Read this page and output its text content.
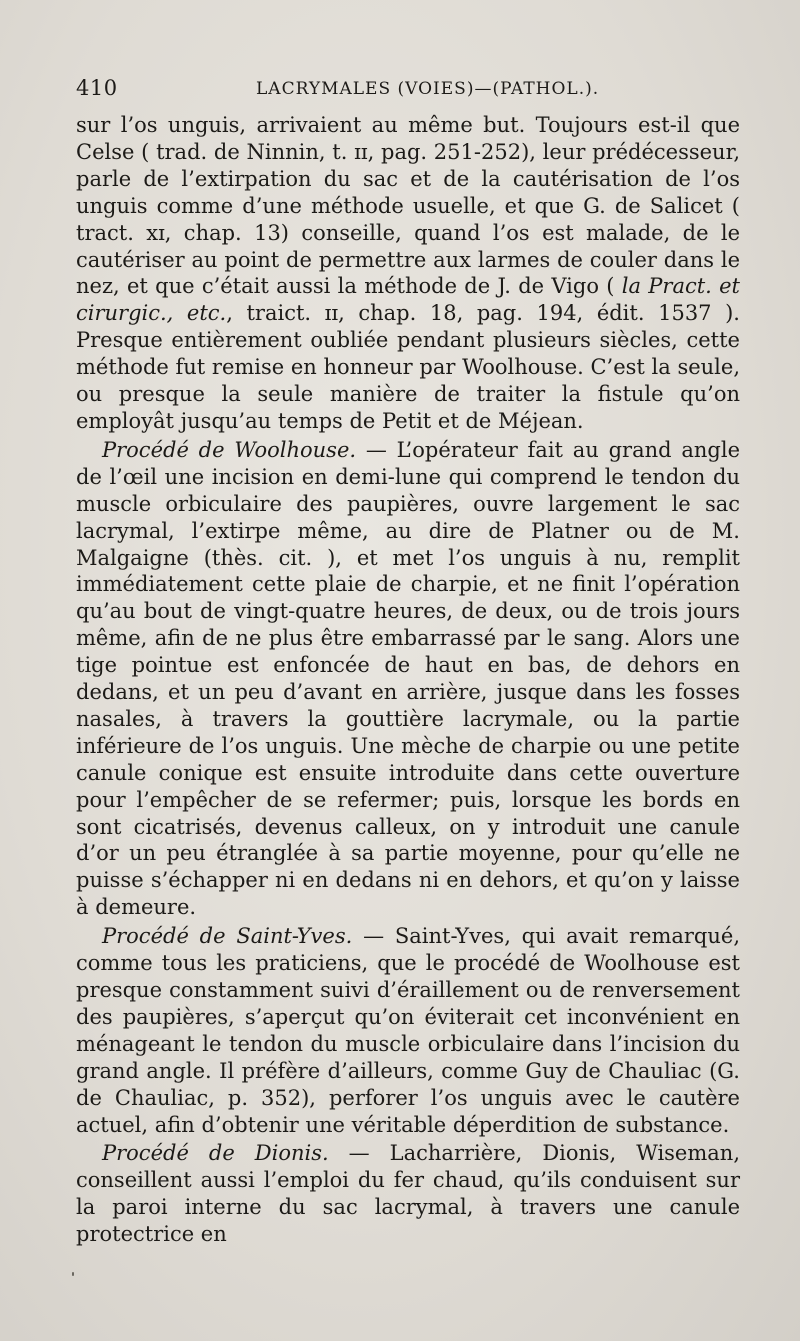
410	LACRYMALES (VOIES)—(PATHOL.).

sur l’os unguis, arrivaient au même but. Toujours est-il que Celse ( trad. de Ninnin, t. ɪɪ, pag. 251-252), leur prédécesseur, parle de l’extirpation du sac et de la cautérisation de l’os unguis comme d’une méthode usuelle, et que G. de Salicet ( tract. xɪ, chap. 13) conseille, quand l’os est malade, de le cautériser au point de permettre aux larmes de couler dans le nez, et que c’était aussi la méthode de J. de Vigo ( la Pract. et cirurgic., etc., traict. ɪɪ, chap. 18, pag. 194, édit. 1537 ). Presque entièrement oubliée pendant plusieurs siècles, cette méthode fut remise en honneur par Woolhouse. C’est la seule, ou presque la seule manière de traiter la fistule qu’on employât jusqu’au temps de Petit et de Méjean.

Procédé de Woolhouse. — L’opérateur fait au grand angle de l’œil une incision en demi-lune qui comprend le tendon du muscle orbiculaire des paupières, ouvre largement le sac lacrymal, l’extirpe même, au dire de Platner ou de M. Malgaigne (thès. cit. ), et met l’os unguis à nu, remplit immédiatement cette plaie de charpie, et ne finit l’opération qu’au bout de vingt-quatre heures, de deux, ou de trois jours même, afin de ne plus être embarrassé par le sang. Alors une tige pointue est enfoncée de haut en bas, de dehors en dedans, et un peu d’avant en arrière, jusque dans les fosses nasales, à travers la gouttière lacrymale, ou la partie inférieure de l’os unguis. Une mèche de charpie ou une petite canule conique est ensuite introduite dans cette ouverture pour l’empêcher de se refermer; puis, lorsque les bords en sont cicatrisés, devenus calleux, on y introduit une canule d’or un peu étranglée à sa partie moyenne, pour qu’elle ne puisse s’échapper ni en dedans ni en dehors, et qu’on y laisse à demeure.

Procédé de Saint-Yves. — Saint-Yves, qui avait remarqué, comme tous les praticiens, que le procédé de Woolhouse est presque constamment suivi d’éraillement ou de renversement des paupières, s’aperçut qu’on éviterait cet inconvénient en ménageant le tendon du muscle orbiculaire dans l’incision du grand angle. Il préfère d’ailleurs, comme Guy de Chauliac (G. de Chauliac, p. 352), perforer l’os unguis avec le cautère actuel, afin d’obtenir une véritable déperdition de substance.

Procédé de Dionis. — Lacharrière, Dionis, Wiseman, conseillent aussi l’emploi du fer chaud, qu’ils conduisent sur la paroi interne du sac lacrymal, à travers une canule protectrice en
